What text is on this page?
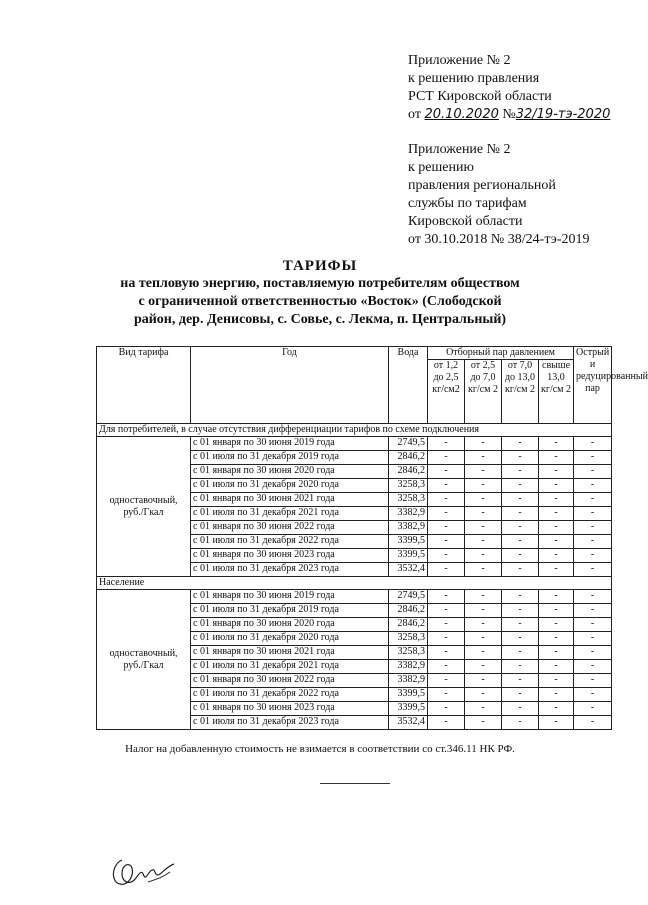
Приложение № 2
к решению правления
РСТ Кировской области
от 20.10.2020 №32/19-тэ-2020
Приложение № 2
к решению
правления региональной
службы по тарифам
Кировской области
от 30.10.2018 № 38/24-тэ-2019
ТАРИФЫ
на тепловую энергию, поставляемую потребителям обществом
с ограниченной ответственностью «Восток» (Слободской
район, дер. Денисовы, с. Совье, с. Лекма, п. Центральный)
Вид тарифа	Год	Вода	Отборный пар давлением				Острый и редуцированный пар
			от 1,2 до 2,5 кг/см2	от 2,5 до 7,0 кг/см 2	от 7,0 до 13,0 кг/см 2	свыше 13,0 кг/см 2	
Для потребителей, в случае отсутствия дифференциации тарифов по схеме подключения							
одноставочный, руб./Гкал	с 01 января по 30 июня 2019 года	2749,5	-	-	-	-	-
	с 01 июля по 31 декабря 2019 года	2846,2	-	-	-	-	-
	с 01 января по 30 июня 2020 года	2846,2	-	-	-	-	-
	с 01 июля по 31 декабря 2020 года	3258,3	-	-	-	-	-
	с 01 января по 30 июня 2021 года	3258,3	-	-	-	-	-
	с 01 июля по 31 декабря 2021 года	3382,9	-	-	-	-	-
	с 01 января по 30 июня 2022 года	3382,9	-	-	-	-	-
	с 01 июля по 31 декабря 2022 года	3399,5	-	-	-	-	-
	с 01 января по 30 июня 2023 года	3399,5	-	-	-	-	-
	с 01 июля по 31 декабря 2023 года	3532,4	-	-	-	-	-
Население							
одноставочный, руб./Гкал	с 01 января по 30 июня 2019 года	2749,5	-	-	-	-	-
	с 01 июля по 31 декабря 2019 года	2846,2	-	-	-	-	-
	с 01 января по 30 июня 2020 года	2846,2	-	-	-	-	-
	с 01 июля по 31 декабря 2020 года	3258,3	-	-	-	-	-
	с 01 января по 30 июня 2021 года	3258,3	-	-	-	-	-
	с 01 июля по 31 декабря 2021 года	3382,9	-	-	-	-	-
	с 01 января по 30 июня 2022 года	3382,9	-	-	-	-	-
	с 01 июля по 31 декабря 2022 года	3399,5	-	-	-	-	-
	с 01 января по 30 июня 2023 года	3399,5	-	-	-	-	-
	с 01 июля по 31 декабря 2023 года	3532,4	-	-	-	-	-
Налог на добавленную стоимость не взимается в соответствии со ст.346.11 НК РФ.
